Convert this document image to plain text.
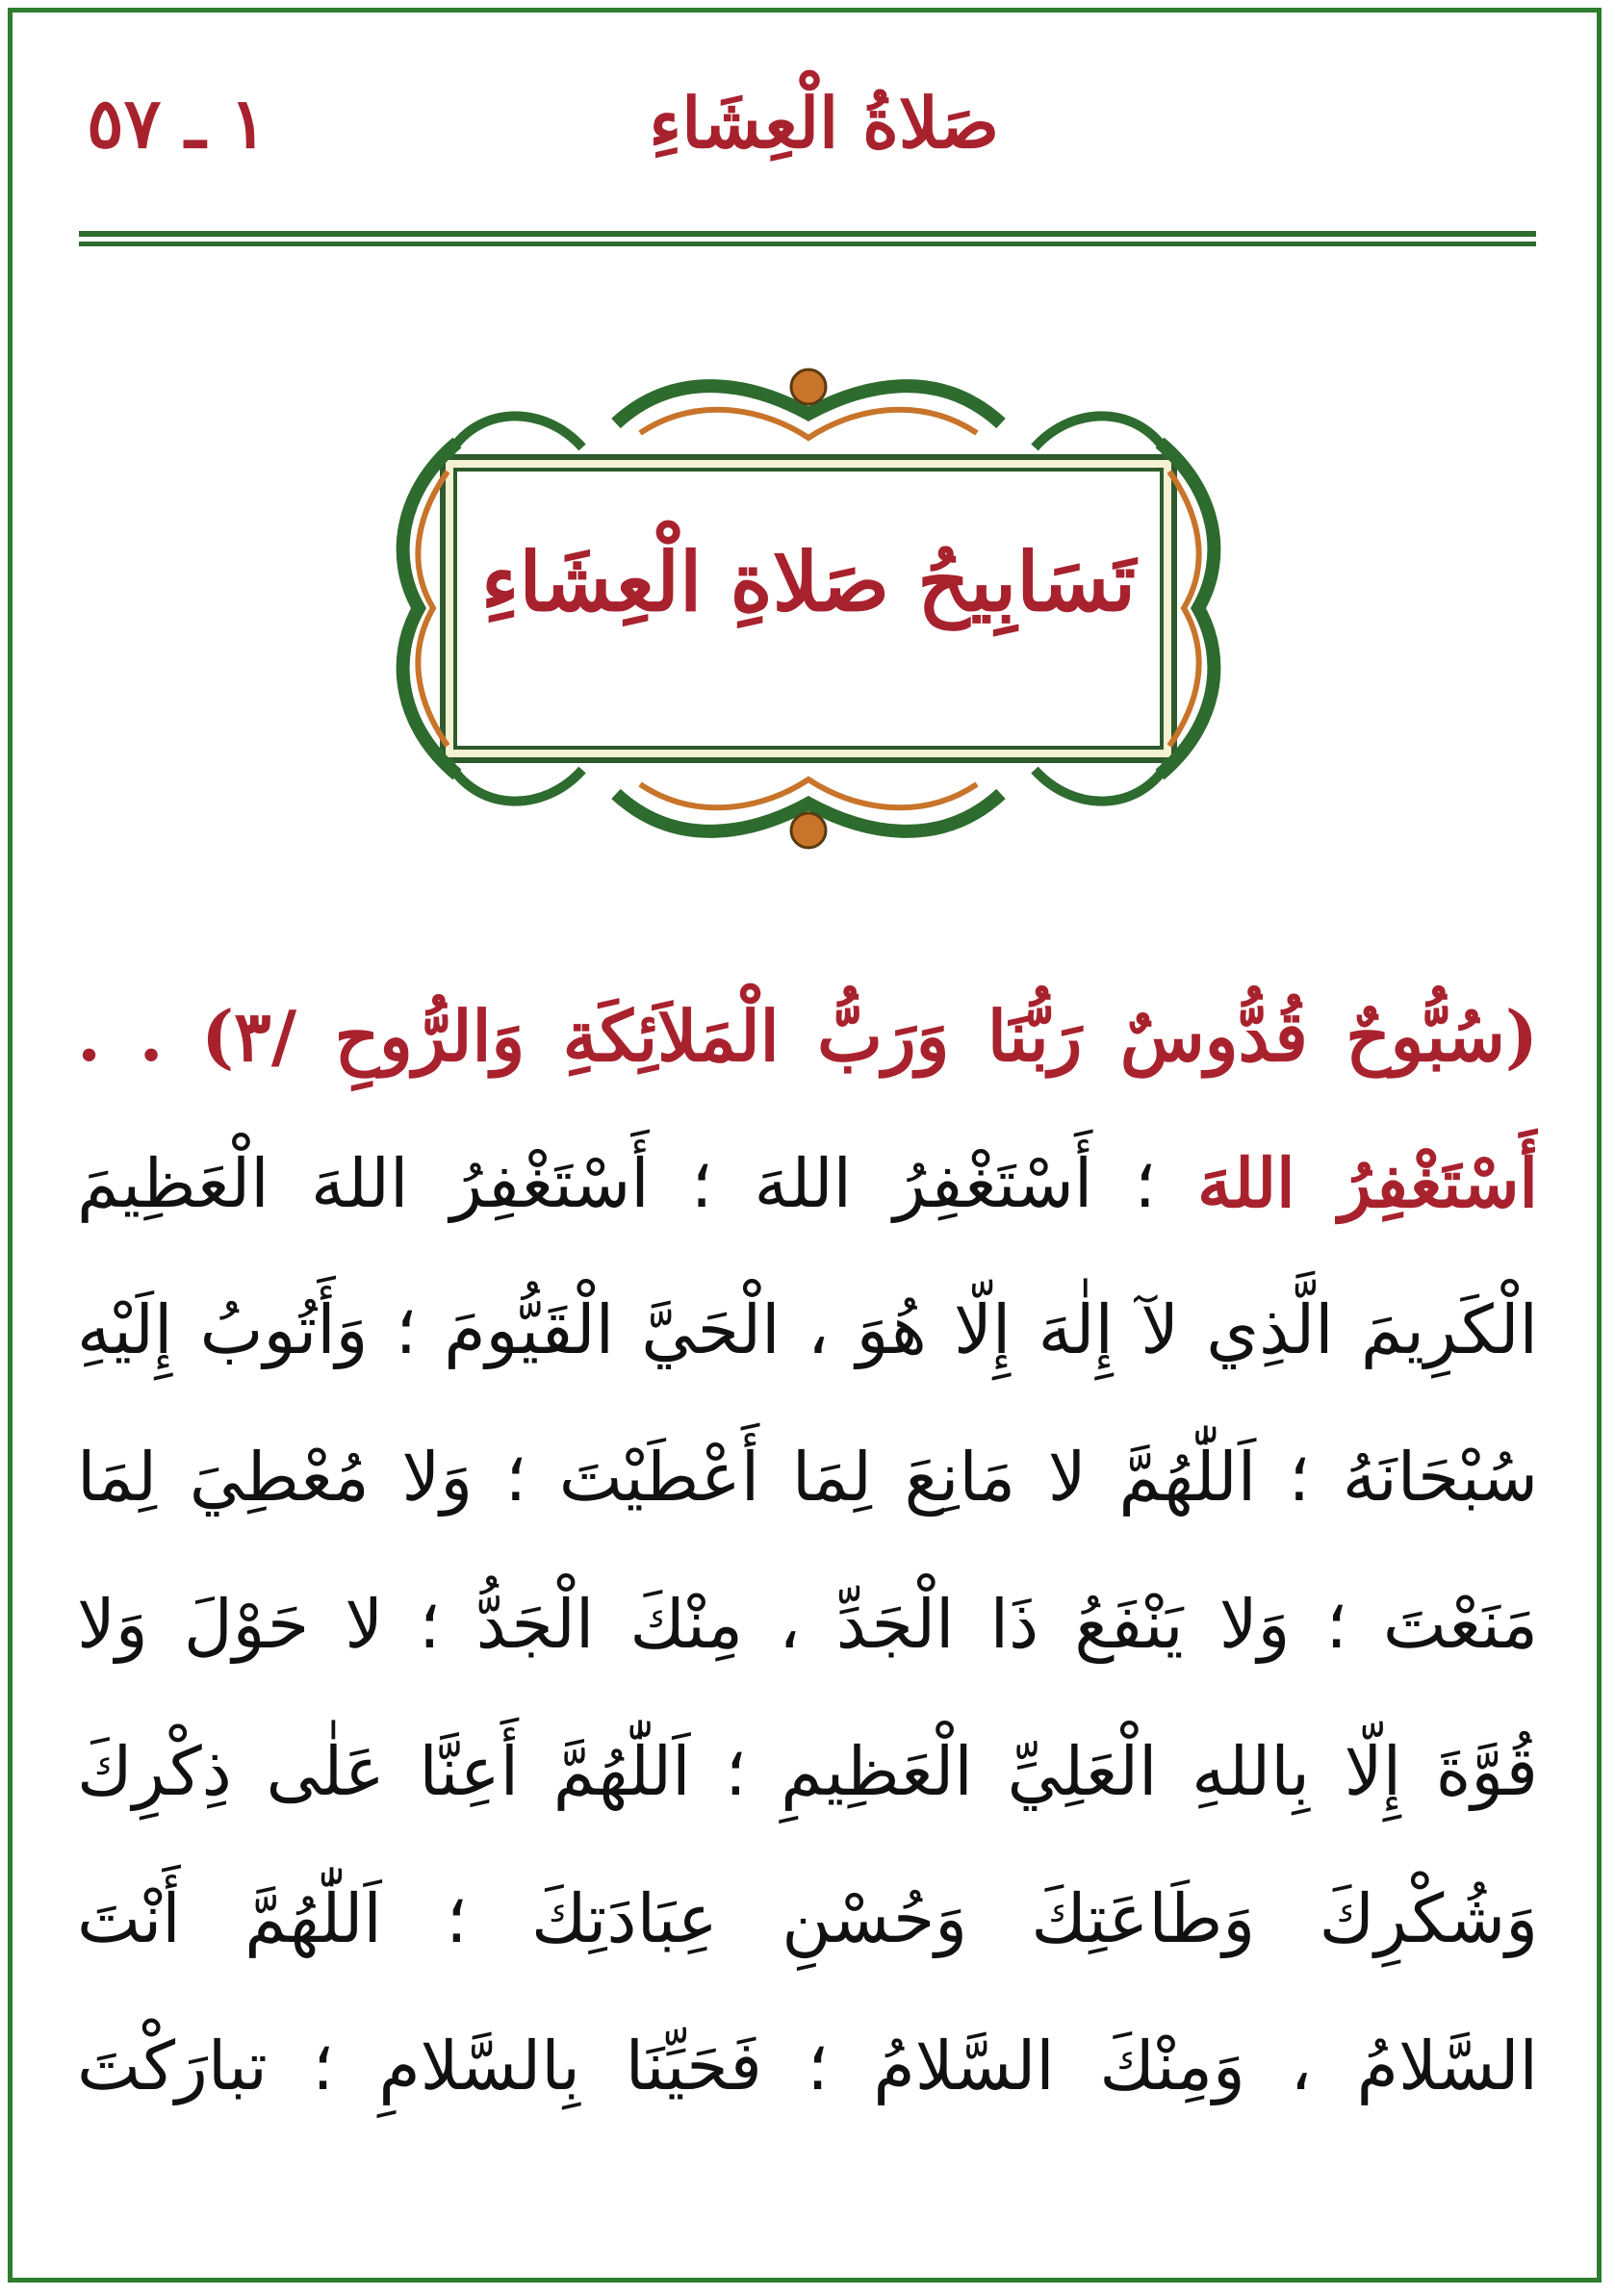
صَلاةُ الْعِشَاءِ
١ ـ ٥٧
تَسَابِيحُ صَلاةِ الْعِشَاءِ
(سُبُّوحٌ قُدُّوسٌ رَبُّنَا وَرَبُّ الْمَلاَئِكَةِ وَالرُّوحِ /٣) . .
أَسْتَغْفِرُ اللهَ ؛ أَسْتَغْفِرُ اللهَ ؛ أَسْتَغْفِرُ اللهَ الْعَظِيمَ
الْكَرِيمَ الَّذِي لآ إِلٰهَ إِلّا هُوَ ، الْحَيَّ الْقَيُّومَ ؛ وَأَتُوبُ إِلَيْهِ
سُبْحَانَهُ ؛ اَللّٰهُمَّ لا مَانِعَ لِمَا أَعْطَيْتَ ؛ وَلا مُعْطِيَ لِمَا
مَنَعْتَ ؛ وَلا يَنْفَعُ ذَا الْجَدِّ ، مِنْكَ الْجَدُّ ؛ لا حَوْلَ وَلا
قُوَّةَ إِلّا بِاللهِ الْعَلِيِّ الْعَظِيمِ ؛ اَللّٰهُمَّ أَعِنَّا عَلٰى ذِكْرِكَ
وَشُكْرِكَ وَطَاعَتِكَ وَحُسْنِ عِبَادَتِكَ ؛ اَللّٰهُمَّ أَنْتَ
السَّلامُ ، وَمِنْكَ السَّلامُ ؛ فَحَيِّنَا بِالسَّلامِ ؛ تبارَكْتَ
